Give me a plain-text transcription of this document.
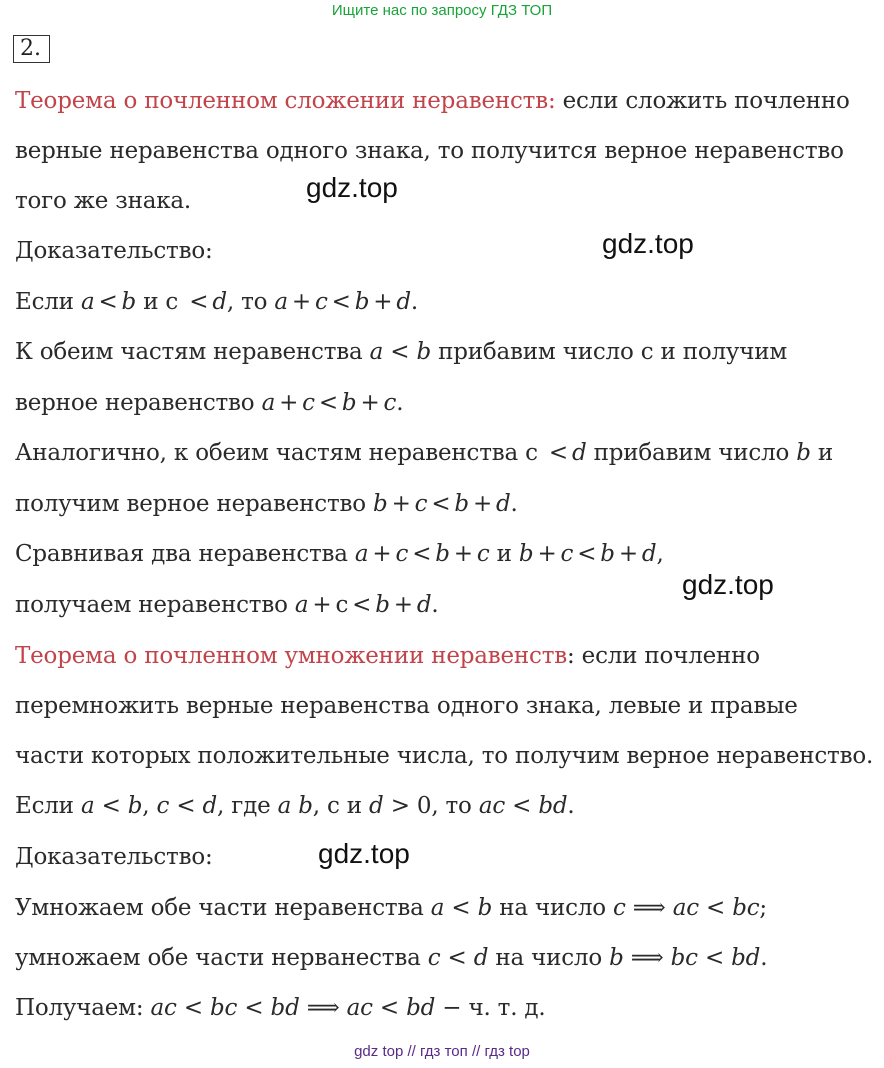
Ищите нас по запросу ГДЗ ТОП
2.
Теорема о почленном сложении неравенств: если сложить почленно
верные неравенства одного знака, то получится верное неравенство
того же знака.
Доказательство:
Если a < b и c < d, то a + c < b + d.
К обеим частям неравенства a < b прибавим число c и получим
верное неравенство a + c < b + c.
Аналогично, к обеим частям неравенства c < d прибавим число b и
получим верное неравенство b + c < b + d.
Сравнивая два неравенства a + c < b + c и b + c < b + d,
получаем неравенство a + c < b + d.
Теорема о почленном умножении неравенств: если почленно
перемножить верные неравенства одного знака, левые и правые
части которых положительные числа, то получим верное неравенство.
Если a < b, c < d, где a b, c и d > 0, то ac < bd.
Доказательство:
Умножаем обе части неравенства a < b на число c ⟹ ac < bc;
умножаем обе части нерванества c < d на число b ⟹ bc < bd.
Получаем: ac < bc < bd ⟹ ac < bd − ч. т. д.
gdz.top
gdz.top
gdz.top
gdz.top
gdz top // гдз топ // гдз top
